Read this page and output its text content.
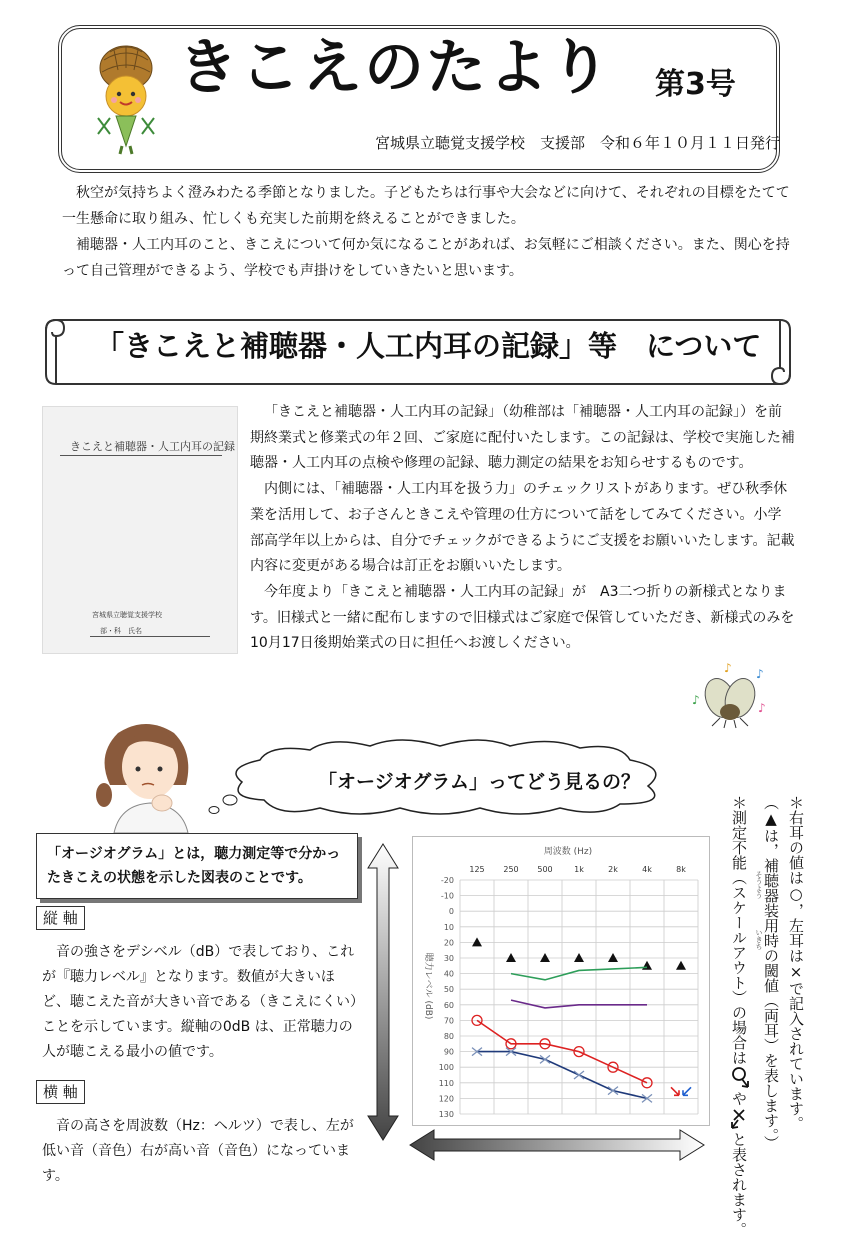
きこえのたより 第3号
宮城県立聴覚支援学校　支援部　令和６年１０月１１日発行

秋空が気持ちよく澄みわたる季節となりました。子どもたちは行事や大会などに向けて、それぞれの目標をたてて一生懸命に取り組み、忙しくも充実した前期を終えることができました。

補聴器・人工内耳のこと、きこえについて何か気になることがあれば、お気軽にご相談ください。また、関心を持って自己管理ができるよう、学校でも声掛けをしていきたいと思います。

「きこえと補聴器・人工内耳の記録」等　について
きこえと補聴器・人工内耳の記録
宮城県立聴覚支援学校
部・科　氏名

「きこえと補聴器・人工内耳の記録」（幼稚部は「補聴器・人工内耳の記録」）を前期終業式と修業式の年２回、ご家庭に配付いたします。この記録は、学校で実施した補聴器・人工内耳の点検や修理の記録、聴力測定の結果をお知らせするものです。

内側には、「補聴器・人工内耳を扱う力」のチェックリストがあります。ぜひ秋季休業を活用して、お子さんときこえや管理の仕方について話をしてみてください。小学部高学年以上からは、自分でチェックができるようにご支援をお願いいたします。記載内容に変更がある場合は訂正をお願いいたします。

今年度より「きこえと補聴器・人工内耳の記録」が　A3二つ折りの新様式となります。旧様式と一緒に配布しますので旧様式はご家庭で保管していただき、新様式のみを10月17日後期始業式の日に担任へお渡しください。

♪ ♪
♪
♪
「オージオグラム」ってどう見るの？
「オージオグラム」とは，聴力測定等で分かったきこえの状態を示した図表のことです。
縦 軸
音の強さをデシベル（dB）で表しており、これが『聴力レベル』となります。数値が大きいほど、聴こえた音が大きい音である（きこえにくい）ことを示しています。縦軸の0dB は、正常聴力の人が聴こえる最小の値です。
横 軸
音の高さを周波数（Hz：ヘルツ）で表し、左が低い音（音色）右が高い音（音色）になっています。
周波数 (Hz)
聴力レベル (dB)
-20
-10
0
10
20
30
40
50
60
70
80
90
100
110
120
130
125 250 500	1k	2k	4k	8k	＊右耳の値は○，左耳は×で記入されています。
（▲は，補聴器装用時の閾値（両耳）を表します。）
そうよう
いきち
＊測定不能（スケールアウト）の場合は
や
と表されます。
